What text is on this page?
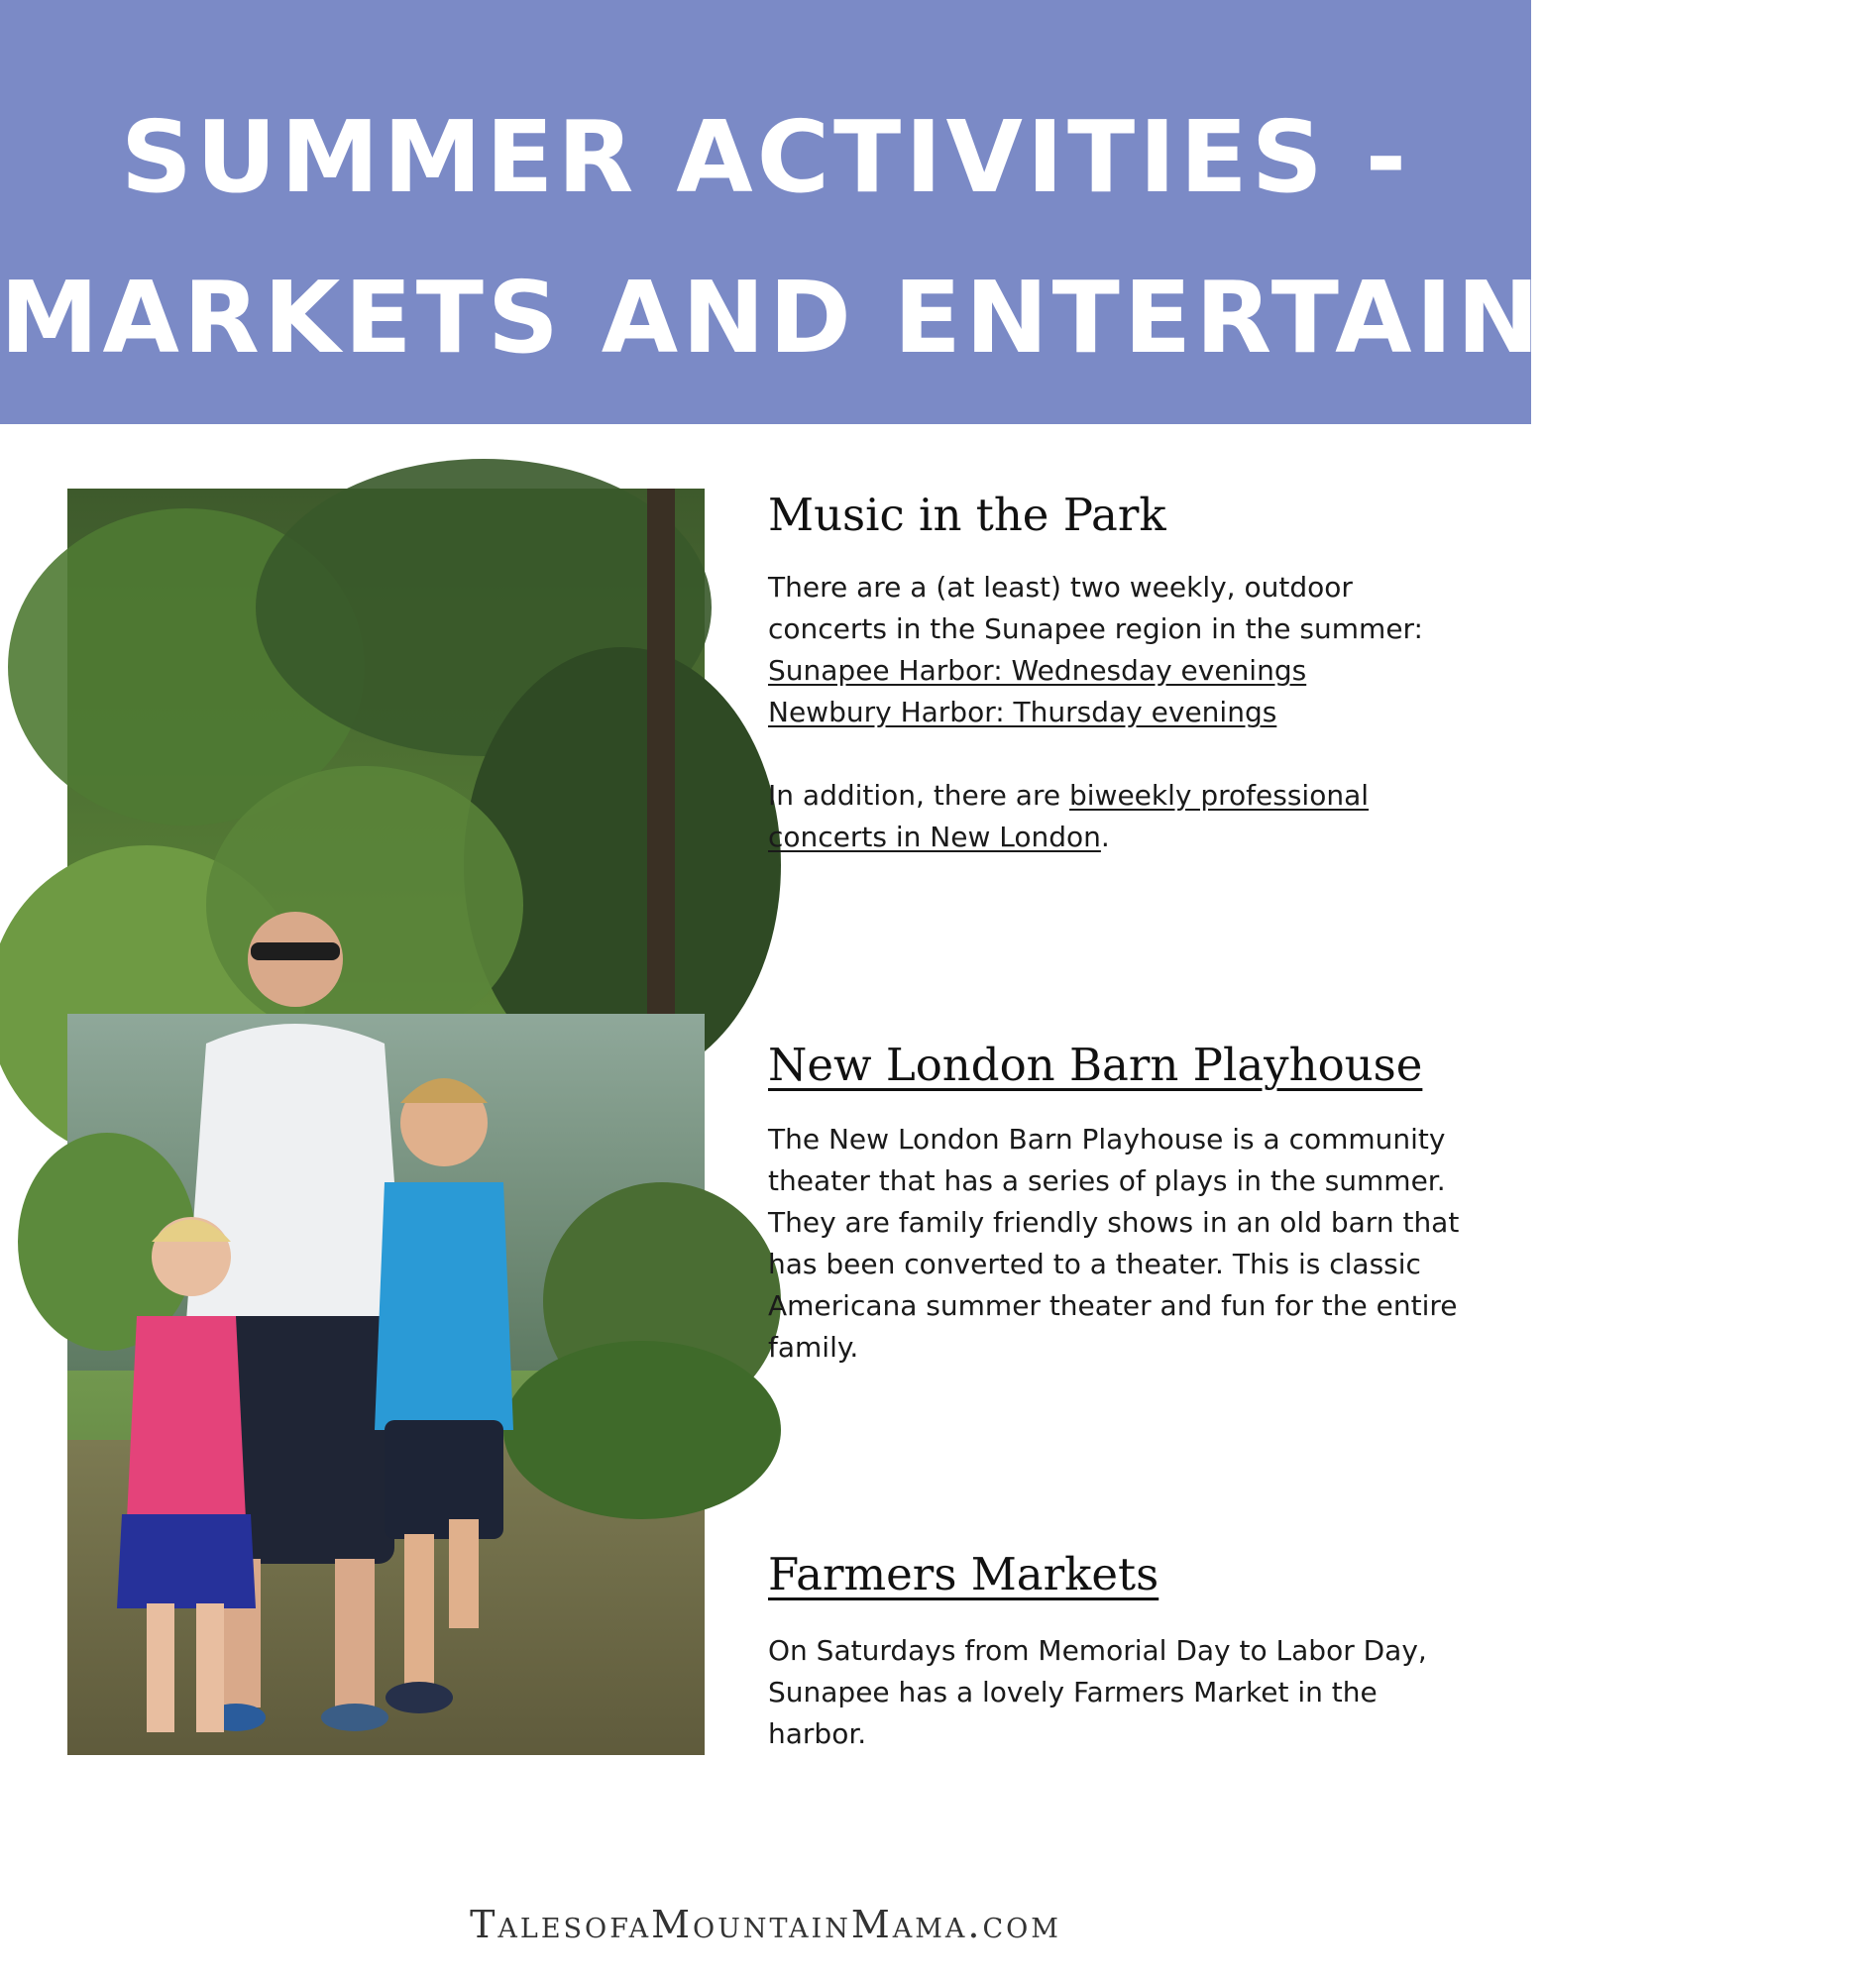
SUMMER ACTIVITIES -
MARKETS AND ENTERTAINMENT
Music in the Park
There are a (at least) two weekly, outdoor
concerts in the Sunapee region in the summer:
Sunapee Harbor: Wednesday evenings
Newbury Harbor: Thursday evenings
In addition, there are biweekly professional
concerts in New London.
New London Barn Playhouse
The New London Barn Playhouse is a community
theater that has a series of plays in the summer.
They are family friendly shows in an old barn that
has been converted to a theater. This is classic
Americana summer theater and fun for the entire
family.
Farmers Markets
On Saturdays from Memorial Day to Labor Day,
Sunapee has a lovely Farmers Market in the
harbor.
TalesofaMountainMama.com
